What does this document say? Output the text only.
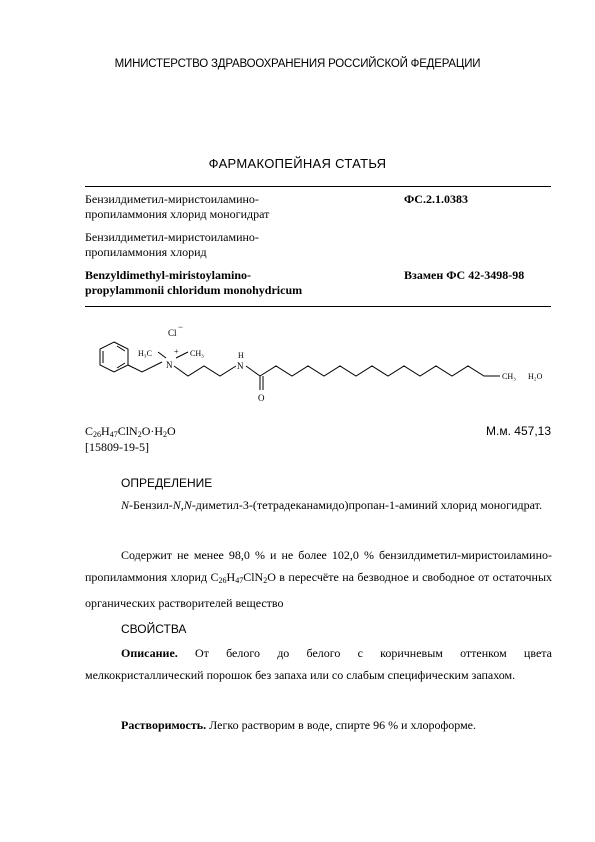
МИНИСТЕРСТВО ЗДРАВООХРАНЕНИЯ РОССИЙСКОЙ ФЕДЕРАЦИИ
ФАРМАКОПЕЙНАЯ СТАТЬЯ
Бензилдиметил-миристоиламино-
пропиламмония хлорид моногидрат
ФС.2.1.0383
Бензилдиметил-миристоиламино-
пропиламмония хлорид
Benzyldimethyl-miristoylamino-
propylammonii chloridum monohydricum
Взамен ФС 42-3498-98
Cl
−
H₃C	+ CH₃
N
H
N
O
CH₃ H₂O
$C_{26}H_{47}ClN_2O\cdot H_2O$	М.м. 457,13
[15809-19-5]
ОПРЕДЕЛЕНИЕ
N-Бензил-N,N-диметил-3-(тетрадеканамидо)пропан-1-аминий хлорид моногидрат.
Содержит не менее 98,0 % и не более 102,0 % бензилдиметил-миристоиламино-пропиламмония хлорид $C_{26}H_{47}ClN_2O$ в пересчёте на безводное и свободное от остаточных органических растворителей вещество
СВОЙСТВА
Описание. От белого до белого с коричневым оттенком цвета мелкокристаллический порошок без запаха или со слабым специфическим запахом.
Растворимость. Легко растворим в воде, спирте 96 % и хлороформе.
